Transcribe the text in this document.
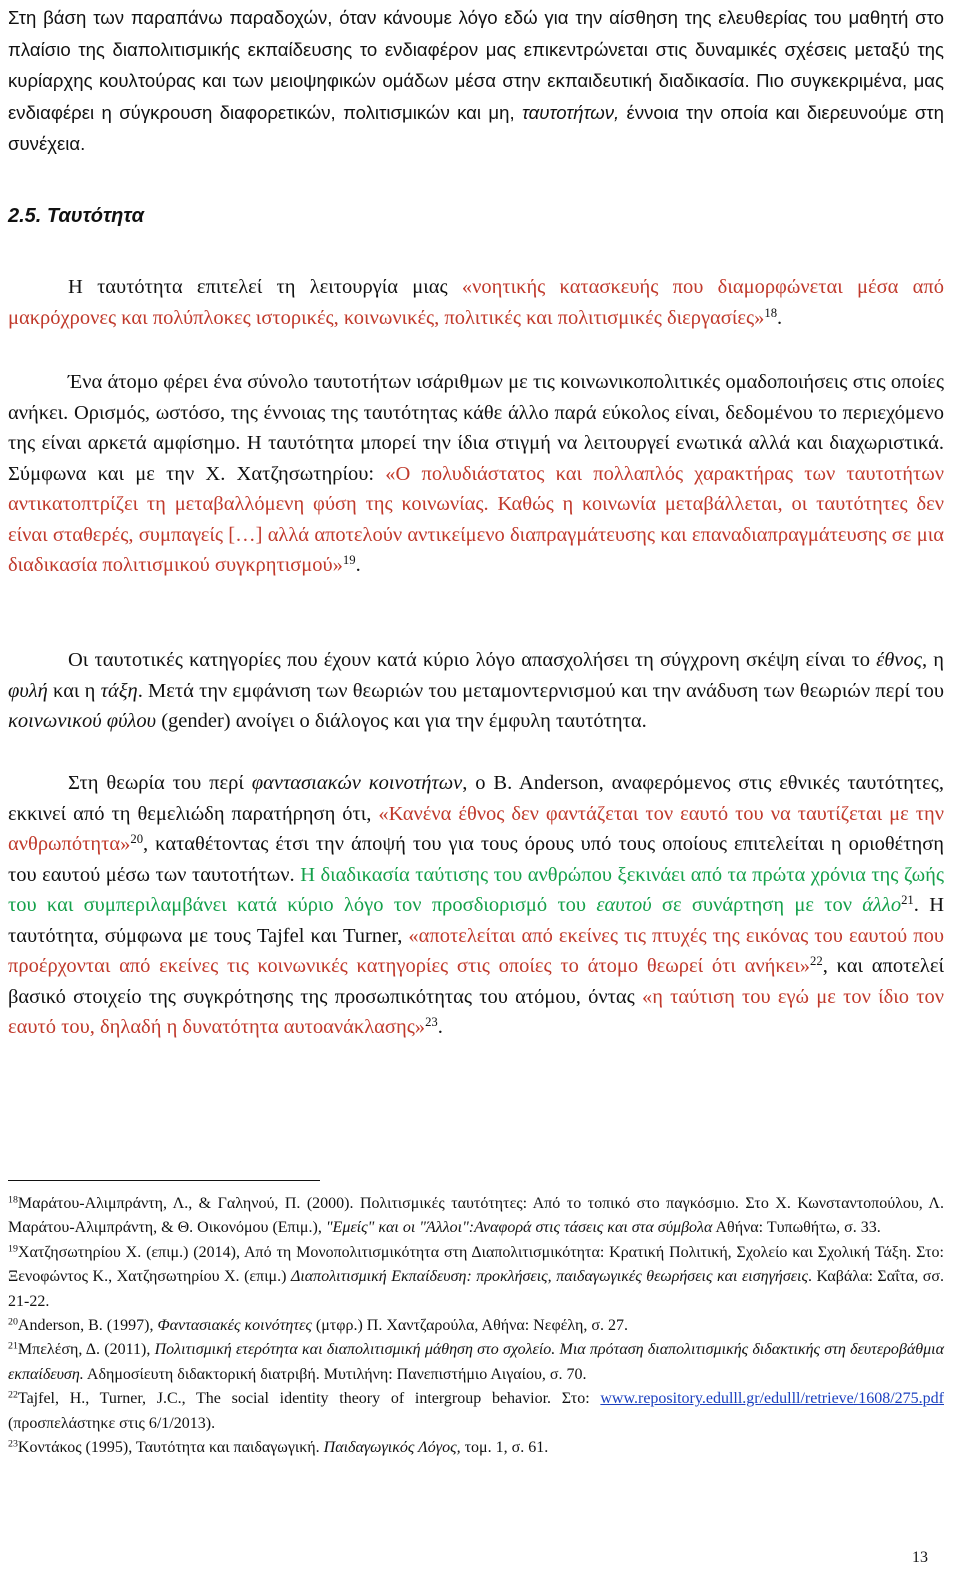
Στη βάση των παραπάνω παραδοχών, όταν κάνουμε λόγο εδώ για την αίσθηση της ελευθερίας του μαθητή στο πλαίσιο της διαπολιτισμικής εκπαίδευσης το ενδιαφέρον μας επικεντρώνεται στις δυναμικές σχέσεις μεταξύ της κυρίαρχης κουλτούρας και των μειοψηφικών ομάδων μέσα στην εκπαιδευτική διαδικασία. Πιο συγκεκριμένα, μας ενδιαφέρει η σύγκρουση διαφορετικών, πολιτισμικών και μη, ταυτοτήτων, έννοια την οποία και διερευνούμε στη συνέχεια.

2.5. Ταυτότητα

Η ταυτότητα επιτελεί τη λειτουργία μιας «νοητικής κατασκευής που διαμορφώνεται μέσα από μακρόχρονες και πολύπλοκες ιστορικές, κοινωνικές, πολιτικές και πολιτισμικές διεργασίες»$^{18}$.

Ένα άτομο φέρει ένα σύνολο ταυτοτήτων ισάριθμων με τις κοινωνικοπολιτικές ομαδοποιήσεις στις οποίες ανήκει. Ορισμός, ωστόσο, της έννοιας της ταυτότητας κάθε άλλο παρά εύκολος είναι, δεδομένου το περιεχόμενο της είναι αρκετά αμφίσημο. Η ταυτότητα μπορεί την ίδια στιγμή να λειτουργεί ενωτικά αλλά και διαχωριστικά. Σύμφωνα και με την Χ. Χατζησωτηρίου: «Ο πολυδιάστατος και πολλαπλός χαρακτήρας των ταυτοτήτων αντικατοπτρίζει τη μεταβαλλόμενη φύση της κοινωνίας. Καθώς η κοινωνία μεταβάλλεται, οι ταυτότητες δεν είναι σταθερές, συμπαγείς […] αλλά αποτελούν αντικείμενο διαπραγμάτευσης και επαναδιαπραγμάτευσης σε μια διαδικασία πολιτισμικού συγκρητισμού»$^{19}$.

Οι ταυτοτικές κατηγορίες που έχουν κατά κύριο λόγο απασχολήσει τη σύγχρονη σκέψη είναι το έθνος, η φυλή και η τάξη. Μετά την εμφάνιση των θεωριών του μεταμοντερνισμού και την ανάδυση των θεωριών περί του κοινωνικού φύλου (gender) ανοίγει ο διάλογος και για την έμφυλη ταυτότητα.

Στη θεωρία του περί φαντασιακών κοινοτήτων, ο B. Anderson, αναφερόμενος στις εθνικές ταυτότητες, εκκινεί από τη θεμελιώδη παρατήρηση ότι, «Κανένα έθνος δεν φαντάζεται τον εαυτό του να ταυτίζεται με την ανθρωπότητα»$^{20}$, καταθέτοντας έτσι την άποψή του για τους όρους υπό τους οποίους επιτελείται η οριοθέτηση του εαυτού μέσω των ταυτοτήτων. Η διαδικασία ταύτισης του ανθρώπου ξεκινάει από τα πρώτα χρόνια της ζωής του και συμπεριλαμβάνει κατά κύριο λόγο τον προσδιορισμό του εαυτού σε συνάρτηση με τον άλλο$^{21}$. Η ταυτότητα, σύμφωνα με τους Tajfel και Turner, «αποτελείται από εκείνες τις πτυχές της εικόνας του εαυτού που προέρχονται από εκείνες τις κοινωνικές κατηγορίες στις οποίες το άτομο θεωρεί ότι ανήκει»$^{22}$, και αποτελεί βασικό στοιχείο της συγκρότησης της προσωπικότητας του ατόμου, όντας «η ταύτιση του εγώ με τον ίδιο τον εαυτό του, δηλαδή η δυνατότητα αυτοανάκλασης»$^{23}$.

$^{18}$Μαράτου-Αλιμπράντη, Λ., & Γαληνού, Π. (2000). Πολιτισμικές ταυτότητες: Από το τοπικό στο παγκόσμιο. Στο Χ. Κωνσταντοπούλου, Λ. Μαράτου-Αλιμπράντη, & Θ. Οικονόμου (Επιμ.), "Εμείς" και οι "Άλλοι":Αναφορά στις τάσεις και στα σύμβολα Αθήνα: Τυπωθήτω, σ. 33.

$^{19}$Χατζησωτηρίου Χ. (επιμ.) (2014), Από τη Μονοπολιτισμικότητα στη Διαπολιτισμικότητα: Κρατική Πολιτική, Σχολείο και Σχολική Τάξη. Στο: Ξενοφώντος Κ., Χατζησωτηρίου Χ. (επιμ.) Διαπολιτισμική Εκπαίδευση: προκλήσεις, παιδαγωγικές θεωρήσεις και εισηγήσεις. Καβάλα: Σαΐτα, σσ. 21-22.

$^{20}$Anderson, B. (1997), Φαντασιακές κοινότητες (μτφρ.) Π. Χαντζαρούλα, Αθήνα: Νεφέλη, σ. 27.

$^{21}$Μπελέση, Δ. (2011), Πολιτισμική ετερότητα και διαπολιτισμική μάθηση στο σχολείο. Μια πρόταση διαπολιτισμικής διδακτικής στη δευτεροβάθμια εκπαίδευση. Αδημοσίευτη διδακτορική διατριβή. Μυτιλήνη: Πανεπιστήμιο Αιγαίου, σ. 70.

$^{22}$Tajfel, H., Turner, J.C., The social identity theory of intergroup behavior. Στο: www.repository.edulll.gr/edulll/retrieve/1608/275.pdf (προσπελάστηκε στις 6/1/2013).

$^{23}$Κοντάκος (1995), Ταυτότητα και παιδαγωγική. Παιδαγωγικός Λόγος, τομ. 1, σ. 61.

13
